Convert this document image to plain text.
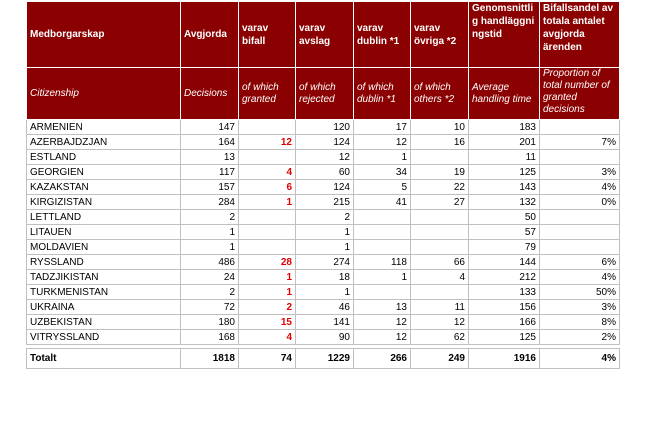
Medborgarskap	Avgjorda	varav bifall	varav avslag	varav dublin *1	varav övriga *2	Genomsnittlig handläggningstid	Bifallsandel av totala antalet avgjorda ärenden
Citizenship	Decisions	of which granted	of which rejected	of which dublin *1	of which others *2	Average handling time	Proportion of total number of granted decisions
ARMENIEN	147		120	17	10	183	
AZERBAJDZJAN	164	12	124	12	16	201	7%
ESTLAND	13		12	1		11	
GEORGIEN	117	4	60	34	19	125	3%
KAZAKSTAN	157	6	124	5	22	143	4%
KIRGIZISTAN	284	1	215	41	27	132	0%
LETTLAND	2		2			50	
LITAUEN	1		1			57	
MOLDAVIEN	1		1			79	
RYSSLAND	486	28	274	118	66	144	6%
TADZJIKISTAN	24	1	18	1	4	212	4%
TURKMENISTAN	2	1	1			133	50%
UKRAINA	72	2	46	13	11	156	3%
UZBEKISTAN	180	15	141	12	12	166	8%
VITRYSSLAND	168	4	90	12	62	125	2%

Totalt	1818	74	1229	266	249	1916	4%
